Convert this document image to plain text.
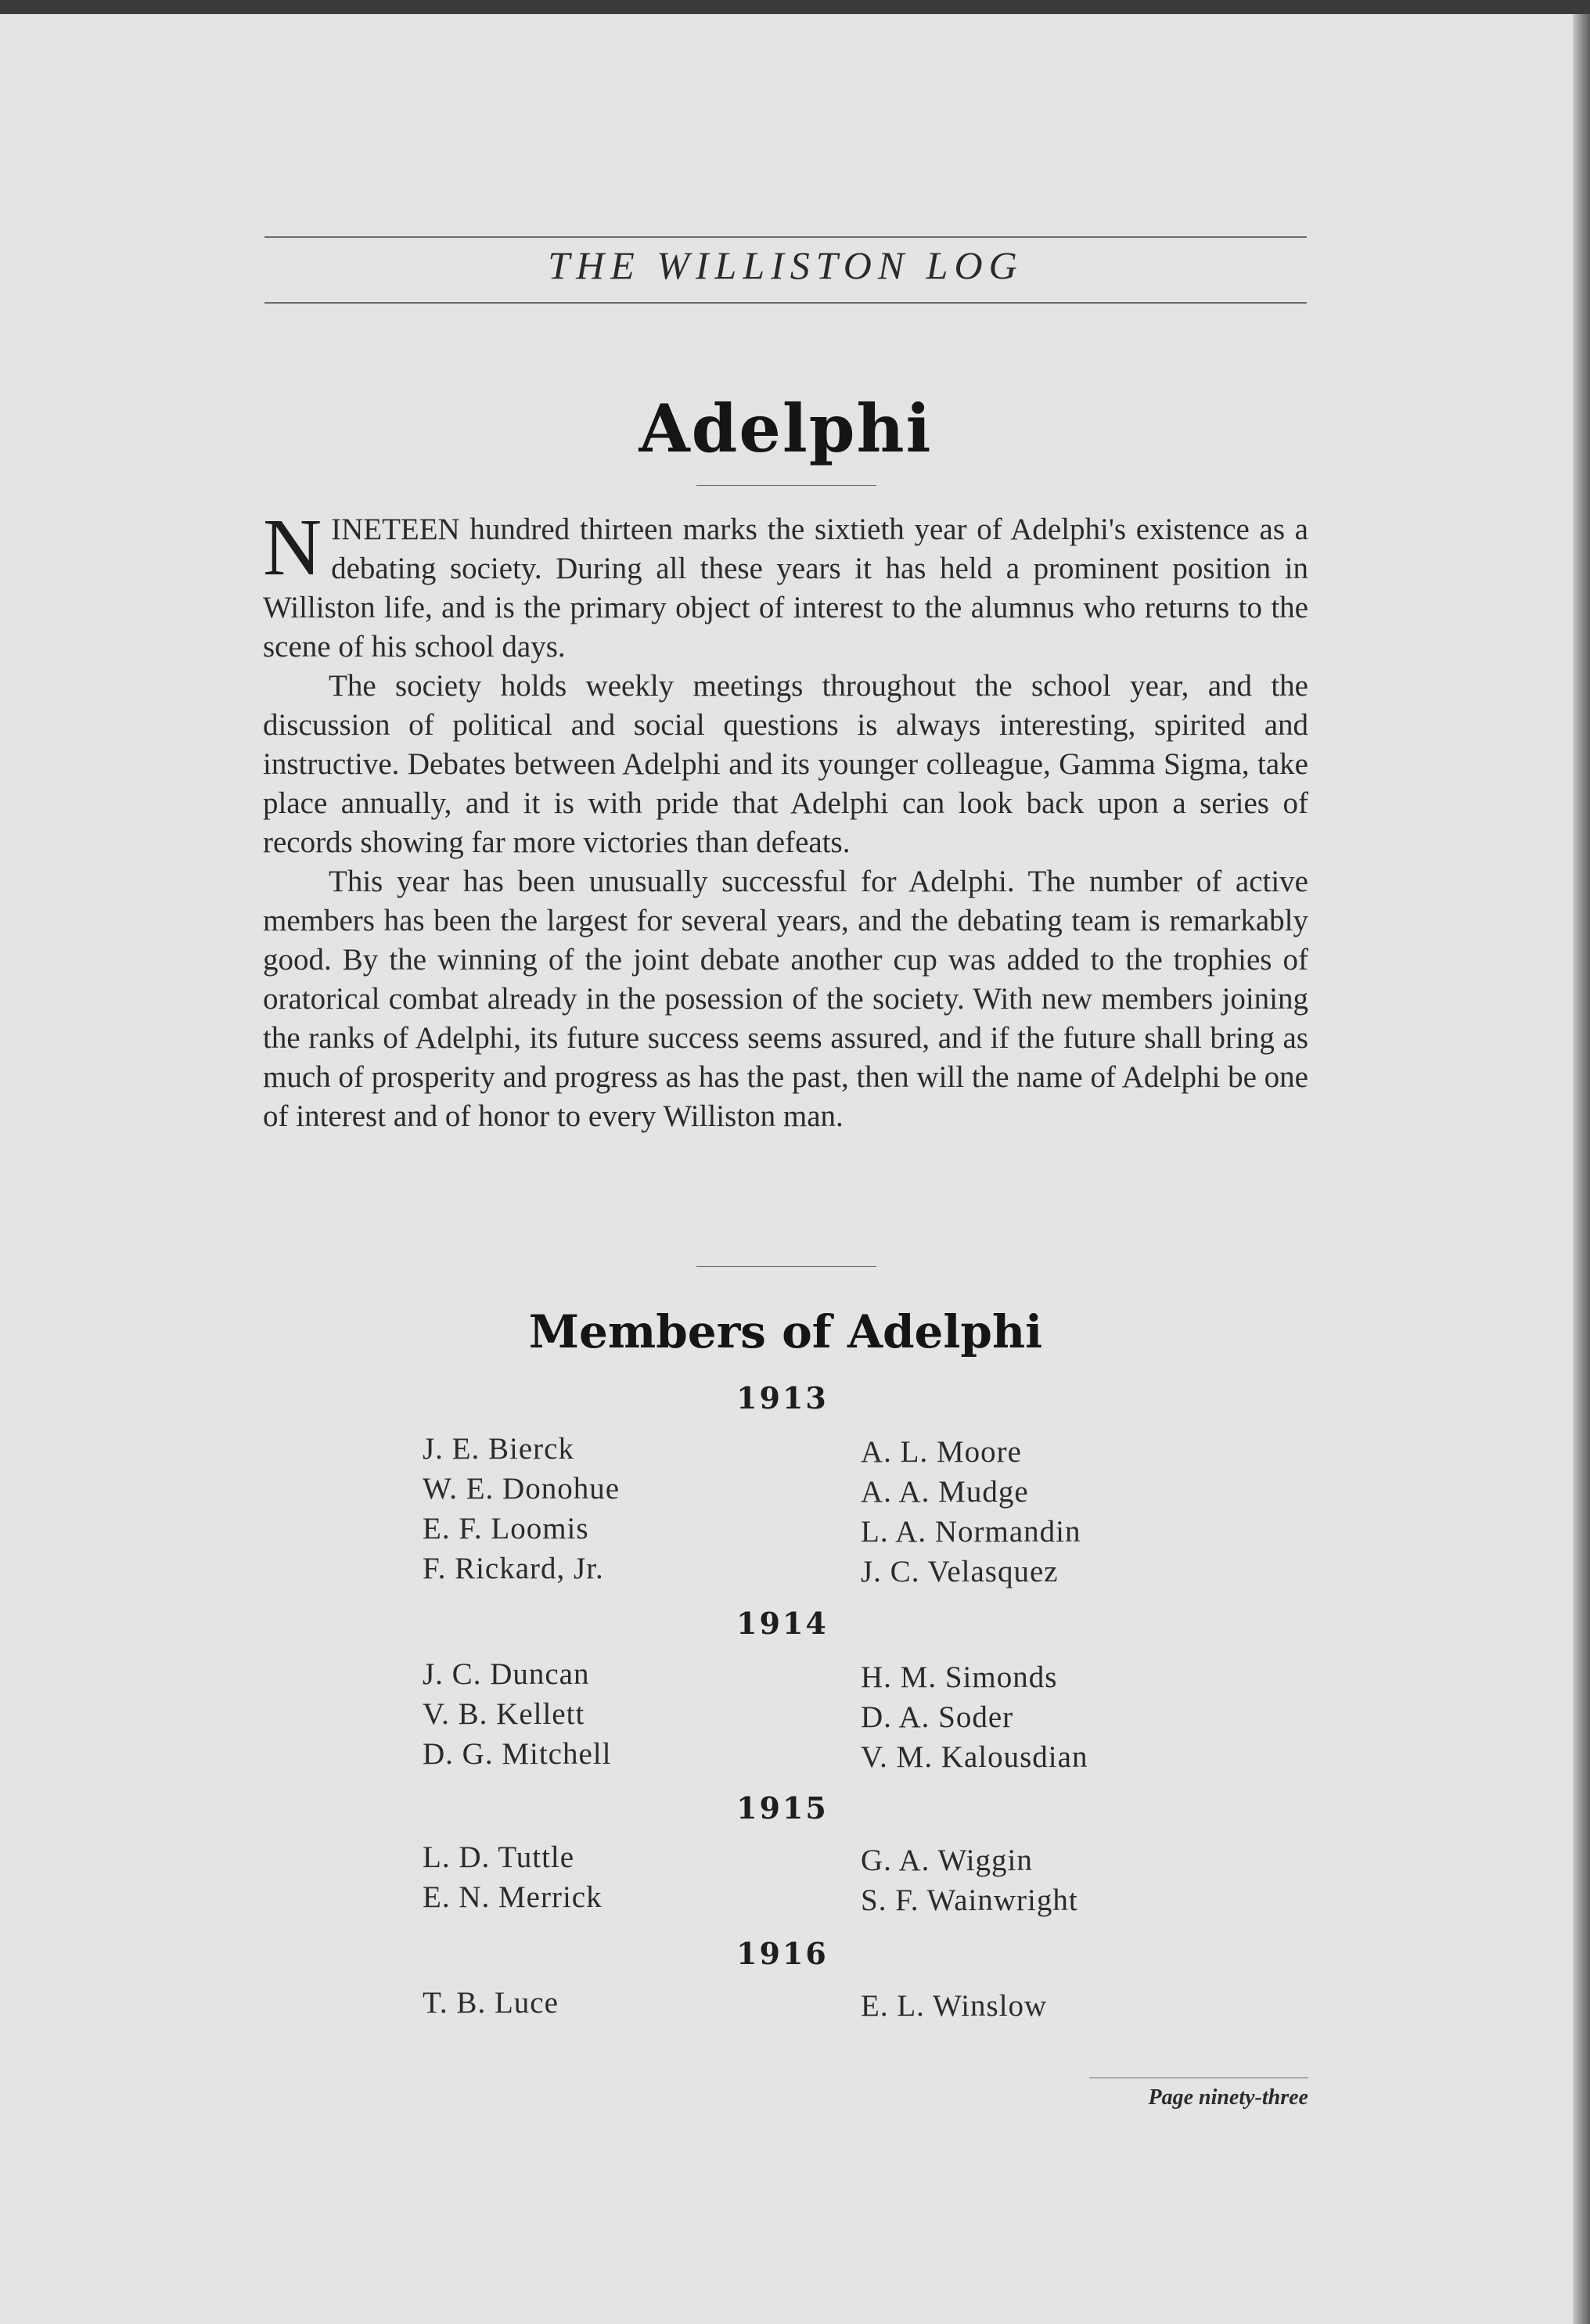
THE WILLISTON LOG
Adelphi

NINETEEN hundred thirteen marks the sixtieth year of Adelphi's existence as a debating society. During all these years it has held a prominent position in Williston life, and is the primary object of interest to the alumnus who returns to the scene of his school days.

The society holds weekly meetings throughout the school year, and the discussion of political and social questions is always interesting, spirited and instructive. Debates between Adelphi and its younger colleague, Gamma Sigma, take place annually, and it is with pride that Adelphi can look back upon a series of records showing far more victories than defeats.

This year has been unusually successful for Adelphi. The number of active members has been the largest for several years, and the debating team is remarkably good. By the winning of the joint debate another cup was added to the trophies of oratorical combat already in the posession of the society. With new members joining the ranks of Adelphi, its future success seems assured, and if the future shall bring as much of prosperity and progress as has the past, then will the name of Adelphi be one of interest and of honor to every Williston man.

Members of Adelphi
1913
J. E. Bierck
W. E. Donohue
E. F. Loomis
F. Rickard, Jr.
A. L. Moore
A. A. Mudge
L. A. Normandin
J. C. Velasquez
1914
J. C. Duncan
V. B. Kellett
D. G. Mitchell
H. M. Simonds
D. A. Soder
V. M. Kalousdian
1915
L. D. Tuttle
E. N. Merrick
G. A. Wiggin
S. F. Wainwright
1916
T. B. Luce	E. L. Winslow
Page ninety-three
